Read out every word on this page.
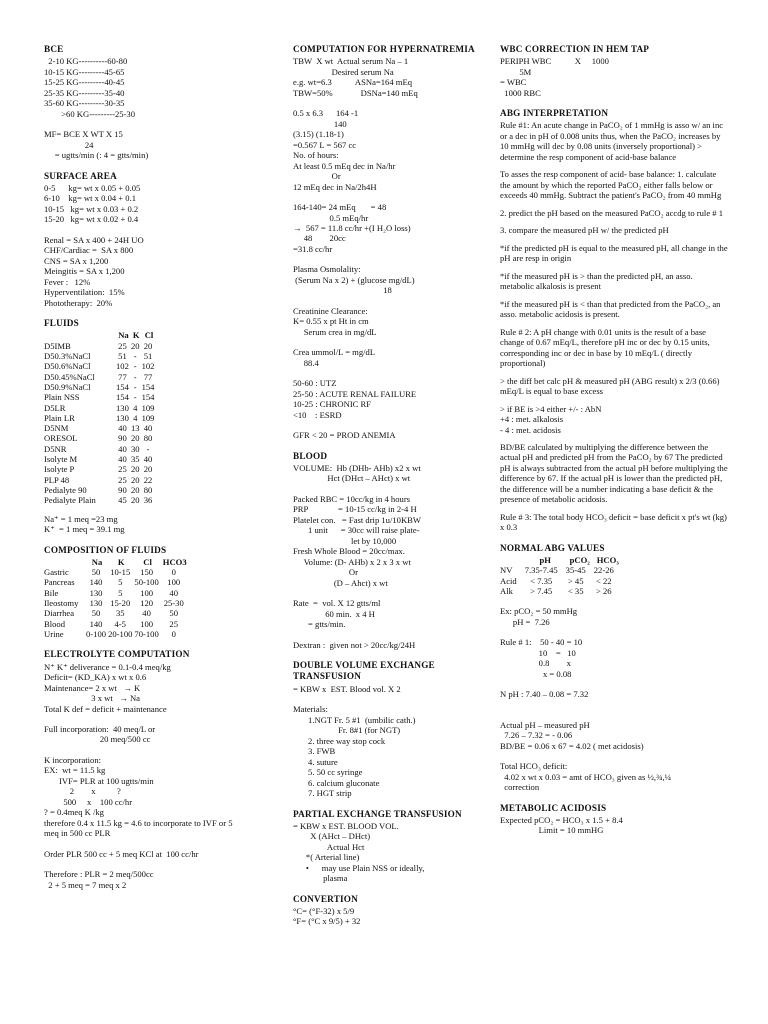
BCE
2-10 KG----------60-80
10-15 KG---------45-65
15-25 KG---------40-45
25-35 KG---------35-40
35-60 KG---------30-35
>60 KG---------25-30
MF= BCE X WT X 15
24
= ugtts/min (: 4 = gtts/min)
SURFACE AREA
0-5      kg= wt x 0.05 + 0.05
6-10    kg= wt x 0.04 + 0.1
10-15   kg= wt x 0.03 + 0.2
15-20   kg= wt x 0.02 + 0.4
Renal = SA x 400 + 24H UO
CHF/Cardiac =  SA x 800
CNS = SA x 1,200
Meingitis = SA x 1,200
Fever :   12%
Hyperventilation:  15%
Phototherapy:  20%
FLUIDS
	Na	K	Cl
D5IMB	25	20	20
D50.3%NaCl	51	-	51
D50.6%NaCl	102	-	102
D50.45%NaCl	77	-	77
D50.9%NaCl	154	-	154
Plain NSS	154	-	154
D5LR	130	4	109
Plain LR	130	4	109
D5NM	40	13	40
ORESOL	90	20	80
D5NR	40	30	-
Isolyte M	40	35	40
Isolyte P	25	20	20
PLP 48	25	20	22
Pedialyte 90	90	20	80
Pedialyte Plain	45	20	36
Na⁺ = 1 meq =23 mg
K⁺  = 1 meq = 39.1 mg
COMPOSITION OF FLUIDS
	Na	K	Cl	HCO3
Gastric	50	10-15	150	0
Pancreas	140	5	50-100	100
Bile	130	5	100	40
Ileostomy	130	15-20	120	25-30
Diarrhea	50	35	40	50
Blood	140	4-5	100	25
Urine	0-100	20-100	70-100	0
ELECTROLYTE COMPUTATION
N⁺ K⁺ deliverance = 0.1-0.4 meq/kg
Deficit= (KD_KA) x wt x 0.6
Maintenance= 2 x wt   → K
3 x wt   → Na
Total K def = deficit + maintenance
Full incorporation:  40 meq/L or
20 meq/500 cc
K incorporation:
EX:  wt = 11.5 kg
IVF= PLR at 100 ugtts/min
2        x          ?
500     x    100 cc/hr
? = 0.4meq K /kg
therefore 0.4 x 11.5 kg = 4.6 to incorporate to IVF or 5
meq in 500 cc PLR
Order PLR 500 cc + 5 meq KCl at  100 cc/hr
Therefore : PLR = 2 meq/500cc
2 + 5 meq = 7 meq x 2
COMPUTATION FOR HYPERNATREMIA
TBW  X wt  Actual serum Na – 1
Desired serum Na
e.g. wt=6.3           ASNa=164 mEq
TBW=50%             DSNa=140 mEq
0.5 x 6.3      164 -1
140
(3.15) (1.18-1)
=0.567 L = 567 cc
No. of hours:
At least 0.5 mEq dec in Na/hr
Or
12 mEq dec in Na/2h4H
164-140= 24 mEq       = 48
0.5 mEq/hr
→  567 = 11.8 cc/hr +(I H₂O loss)
48        20cc
=31.8 cc/hr
Plasma Osmolality:
(Serum Na x 2) + (glucose mg/dL)
18
Creatinine Clearance:
K= 0.55 x pt Ht in cm
Serum crea in mg/dL
Crea ummol/L = mg/dL
88.4
50-60 : UTZ
25-50 : ACUTE RENAL FAILURE
10-25 : CHRONIC RF
<10    : ESRD
GFR < 20 = PROD ANEMIA
BLOOD
VOLUME:  Hb (DHb- AHb) x2 x wt
Hct (DHct – AHct) x wt
Packed RBC = 10cc/kg in 4 hours
PRP              = 10-15 cc/kg in 2-4 H
Platelet con.   = Fast drip 1u/10KBW
1 unit      = 30cc will raise plate-
let by 10,000
Fresh Whole Blood = 20cc/max.
Volume: (D- AHb) x 2 x 3 x wt
Or
(D – Ahct) x wt
Rate  =  vol. X 12 gtts/ml
60 min.  x 4 H
= gtts/min.
Dextran :  given not > 20cc/kg/24H
DOUBLE VOLUME EXCHANGE TRANSFUSION
= KBW x  EST. Blood vol. X 2
Materials:
1.NGT Fr. 5 #1  (umbilic cath.)
Fr. 8#1 (for NGT)
2. three way stop cock
3. FWB
4. suture
5. 50 cc syringe
6. calcium gluconate
7. HGT strip
PARTIAL EXCHANGE TRANSFUSION
= KBW x EST. BLOOD VOL.
X (AHct – DHct)
Actual Hct
*( Arterial line)
•      may use Plain NSS or ideally,
plasma
CONVERTION
°C= (°F-32) x 5/9
°F= (°C x 9/5) + 32
WBC CORRECTION IN HEM TAP
PERIPH WBC           X     1000
5M
= WBC
1000 RBC
ABG INTERPRETATION
Rule #1: An acute change in PaCO₂ of 1 mmHg is asso w/ an inc or a dec in pH of 0.008 units thus, when the PaCO₂ increases by 10 mmHg will dec by 0.08 units (inversely proportional) > determine the resp component of acid-base balance
To asses the resp component of acid- base balance: 1. calculate the amount by which the reported PaCO₂ either falls below or exceeds 40 mmHg. Subtract the patient's PaCO₂ from 40 mmHg
2. predict the pH based on the measured PaCO₂ accdg to rule # 1
3. compare the measured pH w/ the predicted pH
*if the predicted pH is equal to the measured pH, all change in the pH are resp in origin
*if the measured pH is > than the predicted pH, an asso. metabolic alkalosis is present
*if the measured pH is < than that predicted from the PaCO₂, an asso. metabolic acidosis is present.
Rule # 2: A pH change with 0.01 units is the result of a base change of 0.67 mEq/L, therefore pH inc or dec by 0.15 units, corresponding inc or dec in base by 10 mEq/L ( directly proportional)
> the diff bet calc pH & measured pH (ABG result) x 2/3 (0.66) mEq/L is equal to base excess
> if BE is >4 either +/- : AbN
+4 : met. alkalosis
- 4 : met. acidosis
BD/BE calculated by multiplying the difference between the actual pH and predicted pH from the PaCO₂ by 67 The predicted pH is always subtracted from the actual pH before multiplying the difference by 67. If the actual pH is lower than the predicted pH, the difference will be a number indicating a base deficit & the presence of metabolic acidosis.
Rule # 3: The total body HCO₃ deficit = base deficit x pt's wt (kg) x 0.3
NORMAL ABG VALUES
	pH	pCO₂	HCO₃
NV	7.35-7.45	35-45	22-26
Acid	< 7.35	> 45	< 22
Alk	> 7.45	< 35	> 26
Ex: pCO₂ = 50 mmHg
pH =  7.26
Rule # 1:    50 - 40 = 10
10    =   10
0.8        x
x = 0.08
N pH : 7.40 – 0.08 = 7.32
Actual pH – measured pH
7.26 – 7.32 = - 0.06
BD/BE = 0.06 x 67 = 4.02 ( met acidosis)
Total HCO₃ deficit:
4.02 x wt x 0.03 = amt of HCO₃ given as ½,¾,¼
correction
METABOLIC ACIDOSIS
Expected pCO₂ = HCO₃ x 1.5 + 8.4
Limit = 10 mmHG
